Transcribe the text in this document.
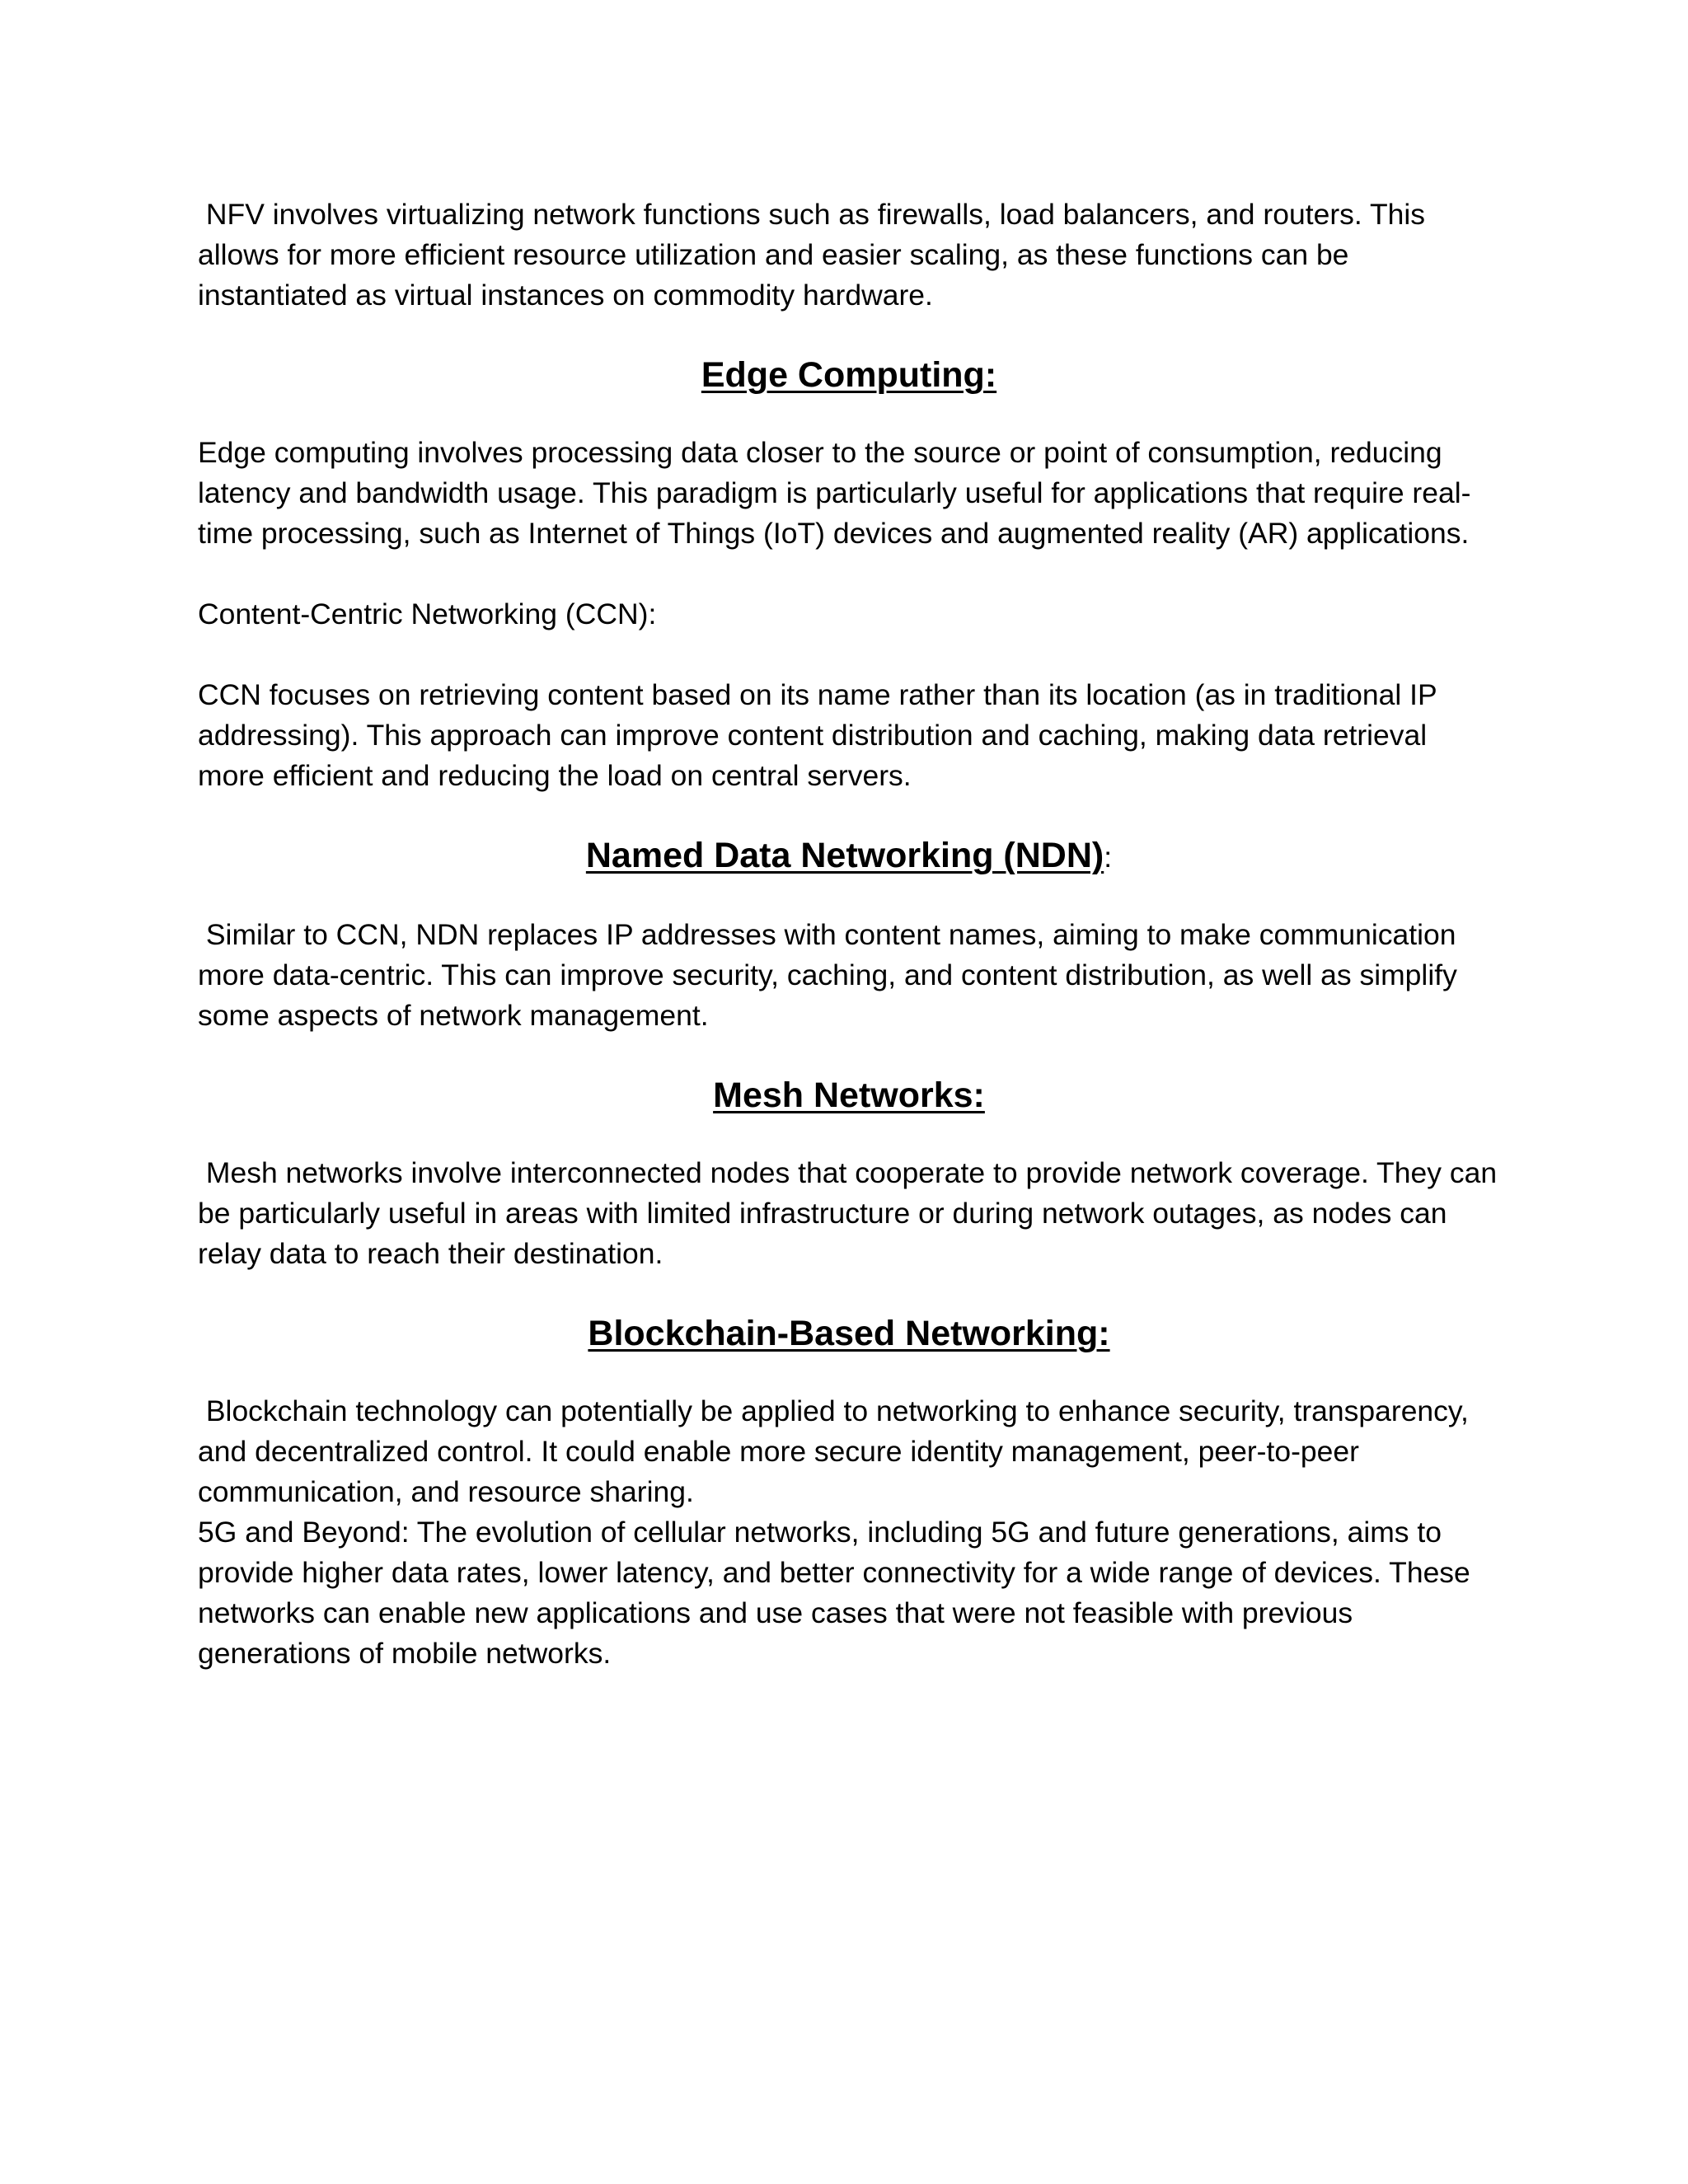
NFV involves virtualizing network functions such as firewalls, load balancers, and routers. This allows for more efficient resource utilization and easier scaling, as these functions can be instantiated as virtual instances on commodity hardware.

Edge Computing:

Edge computing involves processing data closer to the source or point of consumption, reducing latency and bandwidth usage. This paradigm is particularly useful for applications that require real-time processing, such as Internet of Things (IoT) devices and augmented reality (AR) applications.

Content-Centric Networking (CCN):

CCN focuses on retrieving content based on its name rather than its location (as in traditional IP addressing). This approach can improve content distribution and caching, making data retrieval more efficient and reducing the load on central servers.

Named Data Networking (NDN):

Similar to CCN, NDN replaces IP addresses with content names, aiming to make communication more data-centric. This can improve security, caching, and content distribution, as well as simplify some aspects of network management.

Mesh Networks:

Mesh networks involve interconnected nodes that cooperate to provide network coverage. They can be particularly useful in areas with limited infrastructure or during network outages, as nodes can relay data to reach their destination.

Blockchain-Based Networking:

Blockchain technology can potentially be applied to networking to enhance security, transparency, and decentralized control. It could enable more secure identity management, peer-to-peer communication, and resource sharing.

5G and Beyond: The evolution of cellular networks, including 5G and future generations, aims to provide higher data rates, lower latency, and better connectivity for a wide range of devices. These networks can enable new applications and use cases that were not feasible with previous generations of mobile networks.
